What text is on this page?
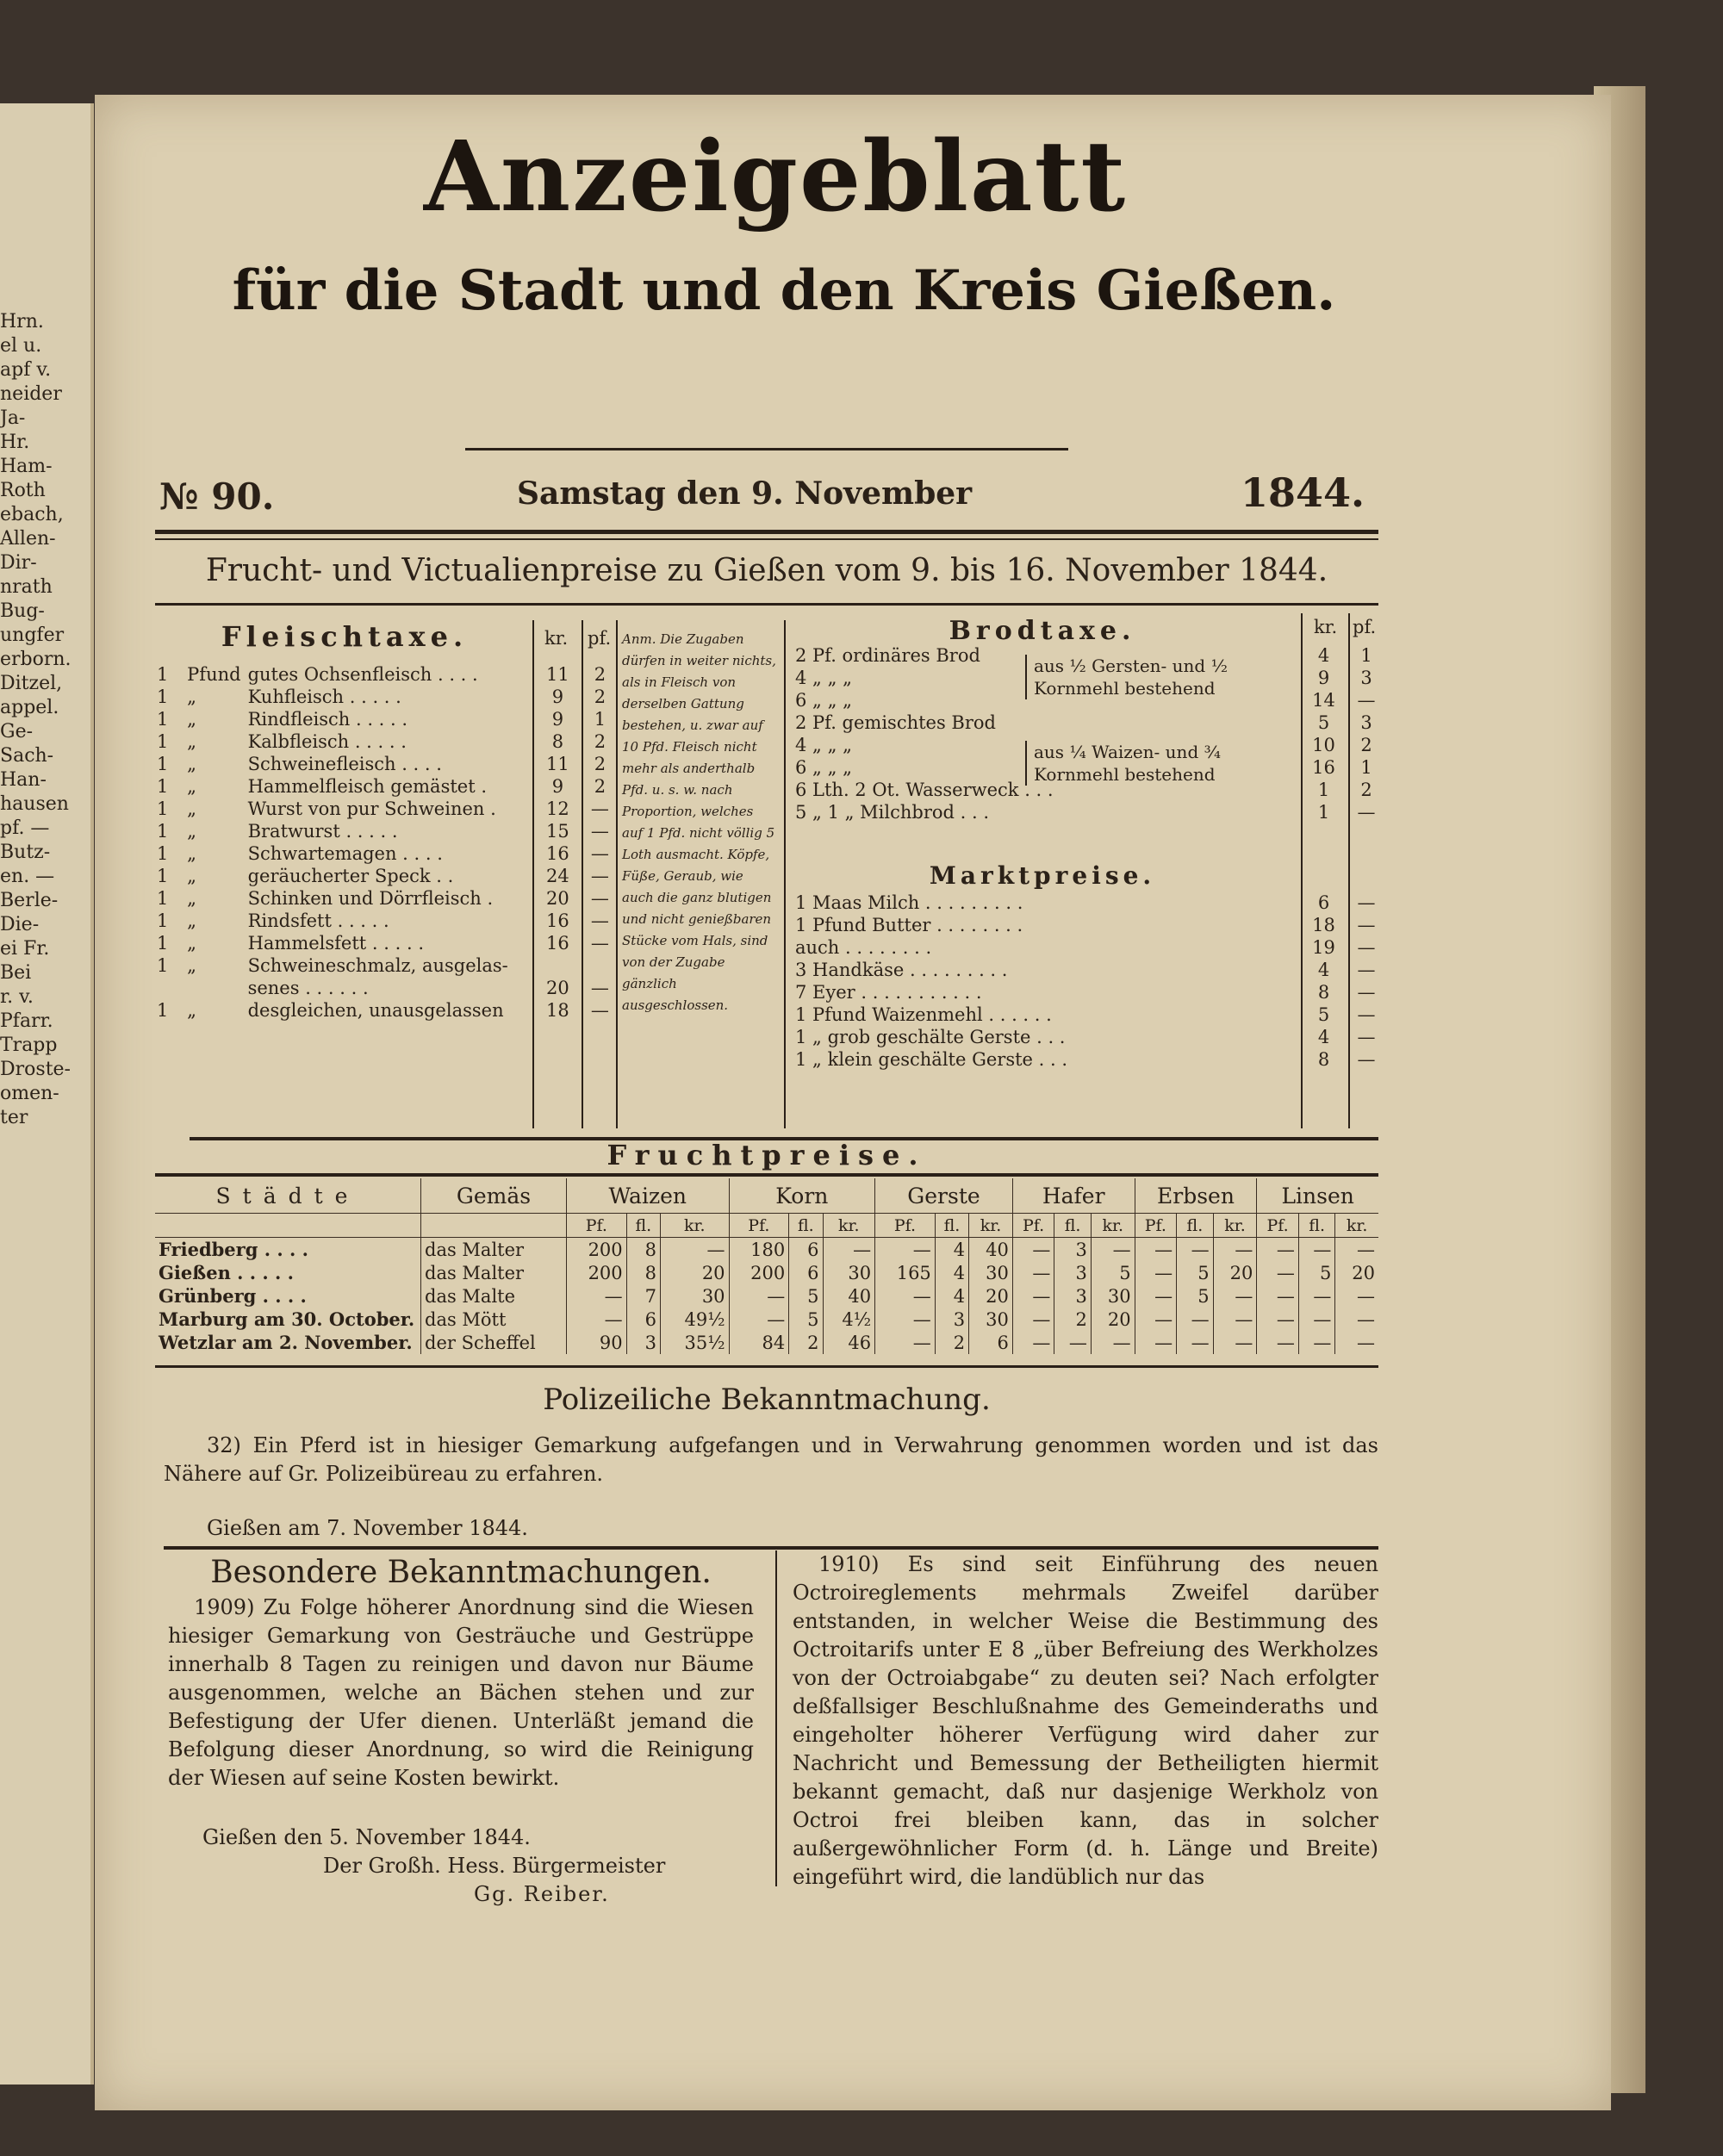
Hrn.
el u.
apf v.
neider
Ja-
Hr.
Ham-
Roth
ebach,
Allen-
Dir-
nrath
Bug-
ungfer
erborn.
Ditzel,
appel.
Ge-
Sach-
Han-
hausen
pf. —
Butz-
en. —
Berle-
Die-
ei Fr.
Bei
r. v.
Pfarr.
Trapp
Droste-
omen-
ter
Anzeigeblatt
für die Stadt und den Kreis Gießen.
№ 90.	Samstag den 9. November	1844.
Frucht- und Victualienpreise zu Gießen vom 9. bis 16. November 1844.
Fleischtaxe.	kr. pf.
1	Pfund	gutes Ochsenfleisch . . . .	11	2
1	„	Kuhfleisch . . . . .	9	2
1	„	Rindfleisch . . . . .	9	1
1	„	Kalbfleisch . . . . .	8	2
1	„	Schweinefleisch . . . .	11	2
1	„	Hammelfleisch gemästet .	9	2
1	„	Wurst von pur Schweinen .	12	—
1	„	Bratwurst . . . . .	15	—
1	„	Schwartemagen . . . .	16	—
1	„	geräucherter Speck . .	24	—
1	„	Schinken und Dörrfleisch .	20	—
1	„	Rindsfett . . . . .	16	—
1	„	Hammelsfett . . . . .	16	—
1	„	Schweineschmalz, ausgelas-		
		senes . . . . . .	20	—
1	„	desgleichen, unausgelassen	18	—
Anm. Die Zugaben dürfen in weiter nichts, als in Fleisch von derselben Gattung bestehen, u. zwar auf 10 Pfd. Fleisch nicht mehr als anderthalb Pfd. u. s. w. nach Proportion, welches auf 1 Pfd. nicht völlig 5 Loth ausmacht. Köpfe, Füße, Geraub, wie auch die ganz blutigen und nicht genießbaren Stücke vom Hals, sind von der Zugabe gänzlich ausgeschlossen.
Brodtaxe.	kr. pf.
2 Pf. ordinäres Brod	4	1
4 „ „ „	9	3
6 „ „ „	14	—
2 Pf. gemischtes Brod	5	3
4 „ „ „	10	2
6 „ „ „	16	1
6 Lth. 2 Ot. Wasserweck . . .	1	2
5 „ 1 „ Milchbrod . . .	1	—
aus ½ Gersten- und ½ Kornmehl bestehend
aus ¼ Waizen- und ¾ Kornmehl bestehend
Marktpreise.
1 Maas Milch . . . . . . . . .	6	—
1 Pfund Butter . . . . . . . .	18	—
auch . . . . . . . .	19	—
3 Handkäse . . . . . . . . .	4	—
7 Eyer . . . . . . . . . . .	8	—
1 Pfund Waizenmehl . . . . . .	5	—
1 „ grob geschälte Gerste . . .	4	—
1 „ klein geschälte Gerste . . .	8	—
Fruchtpreise.
Städte	Gemäs	Waizen			Korn			Gerste			Hafer			Erbsen			Linsen		
		Pf.	fl.	kr.	Pf.	fl.	kr.	Pf.	fl.	kr.	Pf.	fl.	kr.	Pf.	fl.	kr.	Pf.	fl.	kr.
Friedberg . . . .	das Malter	200	8	—	180	6	—	—	4	40	—	3	—	—	—	—	—	—	—
Gießen . . . . .	das Malter	200	8	20	200	6	30	165	4	30	—	3	5	—	5	20	—	5	20
Grünberg . . . .	das Malte	—	7	30	—	5	40	—	4	20	—	3	30	—	5	—	—	—	—
Marburg am 30. October.	das Mött	—	6	49½	—	5	4½	—	3	30	—	2	20	—	—	—	—	—	—
Wetzlar am 2. November.	der Scheffel	90	3	35½	84	2	46	—	2	6	—	—	—	—	—	—	—	—	—
Polizeiliche Bekanntmachung.
32) Ein Pferd ist in hiesiger Gemarkung aufgefangen und in Verwahrung genommen worden und ist das Nähere auf Gr. Polizeibüreau zu erfahren.
Gießen am 7. November 1844.
Besondere Bekanntmachungen.
1909) Zu Folge höherer Anordnung sind die Wiesen hiesiger Gemarkung von Gesträuche und Gestrüppe innerhalb 8 Tagen zu reinigen und davon nur Bäume ausgenommen, welche an Bächen stehen und zur Befestigung der Ufer dienen. Unterläßt jemand die Befolgung dieser Anordnung, so wird die Reinigung der Wiesen auf seine Kosten bewirkt.
Gießen den 5. November 1844.
Der Großh. Hess. Bürgermeister
Gg. Reiber.
1910) Es sind seit Einführung des neuen Octroireglements mehrmals Zweifel darüber entstanden, in welcher Weise die Bestimmung des Octroitarifs unter E 8 „über Befreiung des Werkholzes von der Octroiabgabe“ zu deuten sei? Nach erfolgter deßfallsiger Beschlußnahme des Gemeinderaths und eingeholter höherer Verfügung wird daher zur Nachricht und Bemessung der Betheiligten hiermit bekannt gemacht, daß nur dasjenige Werkholz von Octroi frei bleiben kann, das in solcher außergewöhnlicher Form (d. h. Länge und Breite) eingeführt wird, die landüblich nur das
